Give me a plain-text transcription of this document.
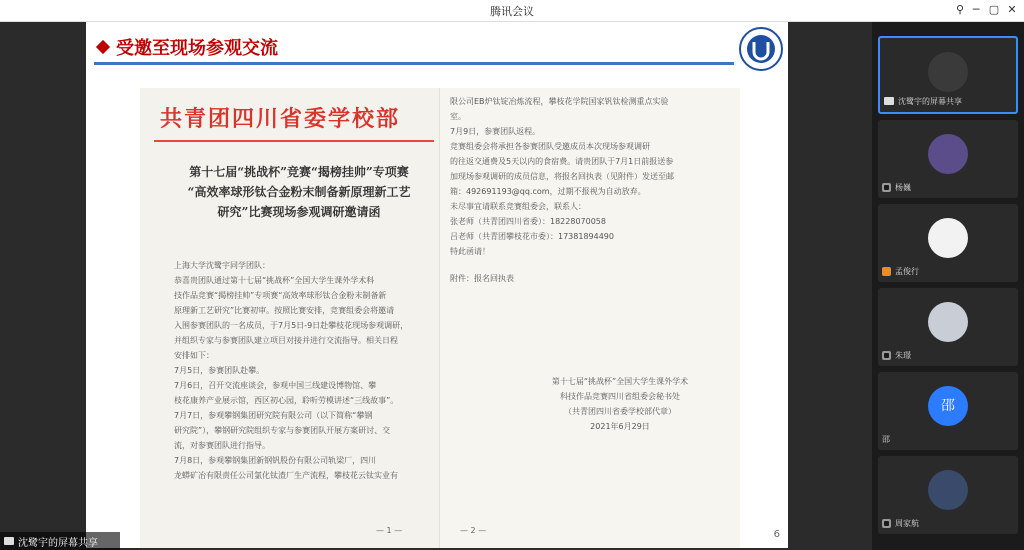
腾讯会议	⚲ ─ ▢ ✕
受邀至现场参观交流
共青团四川省委学校部
第十七届“挑战杯”竞赛“揭榜挂帅”专项赛
“高效率球形钛合金粉末制备新原理新工艺
研究”比赛现场参观调研邀请函
上海大学沈鹭宇同学团队：
恭喜贵团队通过第十七届“挑战杯”全国大学生课外学术科
技作品竞赛“揭榜挂帅”专项赛“高效率球形钛合金粉末制备新
原理新工艺研究”比赛初审。按照比赛安排，竞赛组委会将邀请
入围参赛团队的一名成员，于7月5日-9日赴攀枝花现场参观调研，
并组织专家与参赛团队建立项目对接并进行交流指导。相关日程
安排如下：
7月5日，参赛团队赴攀。
7月6日，召开交流座谈会，参观中国三线建设博物馆、攀
枝花康养产业展示馆，西区初心园，聆听劳模讲述“三线故事”。
7月7日，参观攀钢集团研究院有限公司（以下简称“攀钢
研究院”），攀钢研究院组织专家与参赛团队开展方案研讨、交
流，对参赛团队进行指导。
7月8日，参观攀钢集团新钢钒股份有限公司轨梁厂，四川
龙蟒矿冶有限责任公司氯化钛渣厂生产流程，攀枝花云钛实业有
— 1 —
限公司EB炉钛锭冶炼流程，攀枝花学院国家钒钛检测重点实验
室。
7月9日，参赛团队返程。
竞赛组委会将承担各参赛团队受邀成员本次现场参观调研
的往返交通费及5天以内的食宿费。请贵团队于7月1日前报送参
加现场参观调研的成员信息，将报名回执表（见附件）发送至邮
箱：492691193@qq.com，过期不报视为自动放弃。
未尽事宜请联系竞赛组委会，联系人：
张老师（共青团四川省委）：18228070058
吕老师（共青团攀枝花市委）：17381894490
特此函请！
附件：报名回执表
第十七届“挑战杯”全国大学生课外学术
科技作品竞赛四川省组委会秘书处
（共青团四川省委学校部代章）
2021年6月29日
— 2 —	6
沈鹭宇的屏幕共享
沈鹭宇的屏幕共享
杨巍
孟俊行
朱璟
邵
邵
周家航
